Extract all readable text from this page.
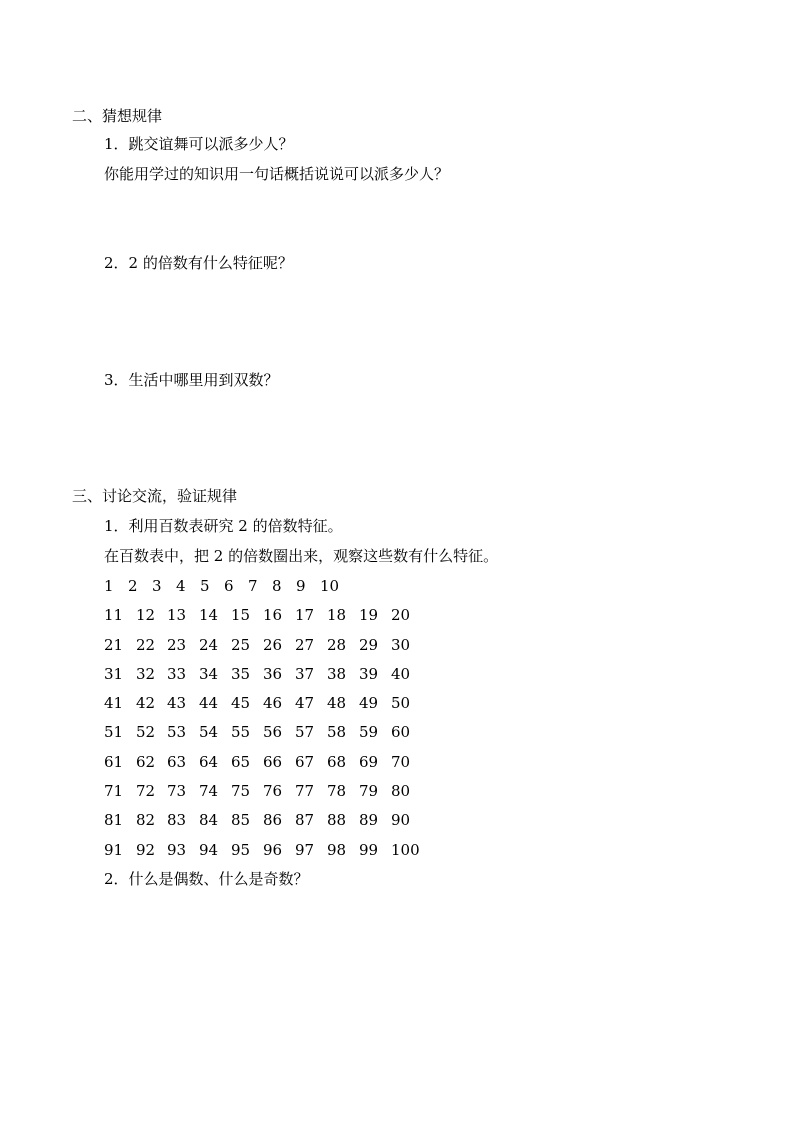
二、猜想规律

1．跳交谊舞可以派多少人？

你能用学过的知识用一句话概括说说可以派多少人？

2．2 的倍数有什么特征呢？

3．生活中哪里用到双数？

三、讨论交流，验证规律

1．利用百数表研究 2 的倍数特征。

在百数表中，把 2 的倍数圈出来，观察这些数有什么特征。

1 2 3 4 5 6 7 8 9 10
11 12 13 14 15 16 17 18 19 20
21 22 23 24 25 26 27 28 29 30
31 32 33 34 35 36 37 38 39 40
41 42 43 44 45 46 47 48 49 50
51 52 53 54 55 56 57 58 59 60
61 62 63 64 65 66 67 68 69 70
71 72 73 74 75 76 77 78 79 80
81 82 83 84 85 86 87 88 89 90
91 92 93 94 95 96 97 98 99 100

2．什么是偶数、什么是奇数？
